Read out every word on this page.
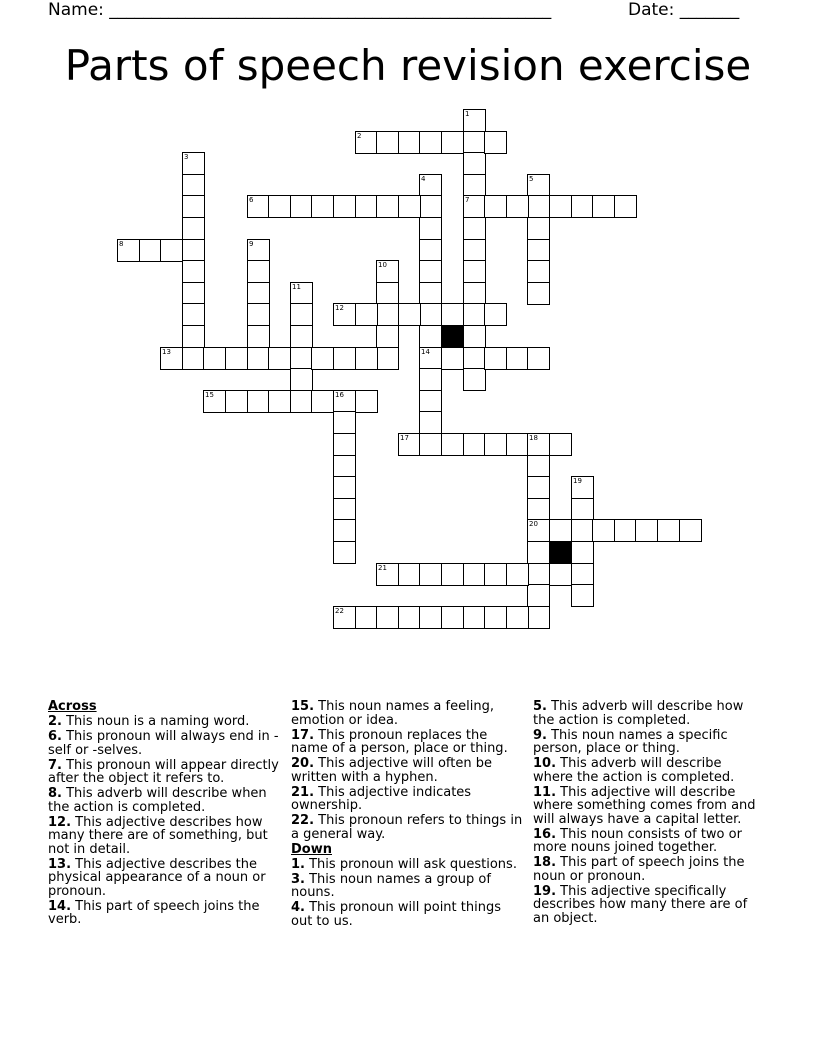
Name: ____________________________________________________	Date: _______
Parts of speech revision exercise
1
7
2
3
4
14
5
6
8	9
10
11
12
13
15	16
17	18
20
19
21
22
Across
2. This noun is a naming word.
6. This pronoun will always end in -self or -selves.
7. This pronoun will appear directly after the object it refers to.
8. This adverb will describe when the action is completed.
12. This adjective describes how many there are of something, but not in detail.
13. This adjective describes the physical appearance of a noun or pronoun.
14. This part of speech joins the verb.
15. This noun names a feeling, emotion or idea.
17. This pronoun replaces the name of a person, place or thing.
20. This adjective will often be written with a hyphen.
21. This adjective indicates ownership.
22. This pronoun refers to things in a general way.
Down
1. This pronoun will ask questions.
3. This noun names a group of nouns.
4. This pronoun will point things out to us.
5. This adverb will describe how the action is completed.
9. This noun names a specific person, place or thing.
10. This adverb will describe where the action is completed.
11. This adjective will describe where something comes from and will always have a capital letter.
16. This noun consists of two or more nouns joined together.
18. This part of speech joins the noun or pronoun.
19. This adjective specifically describes how many there are of an object.
